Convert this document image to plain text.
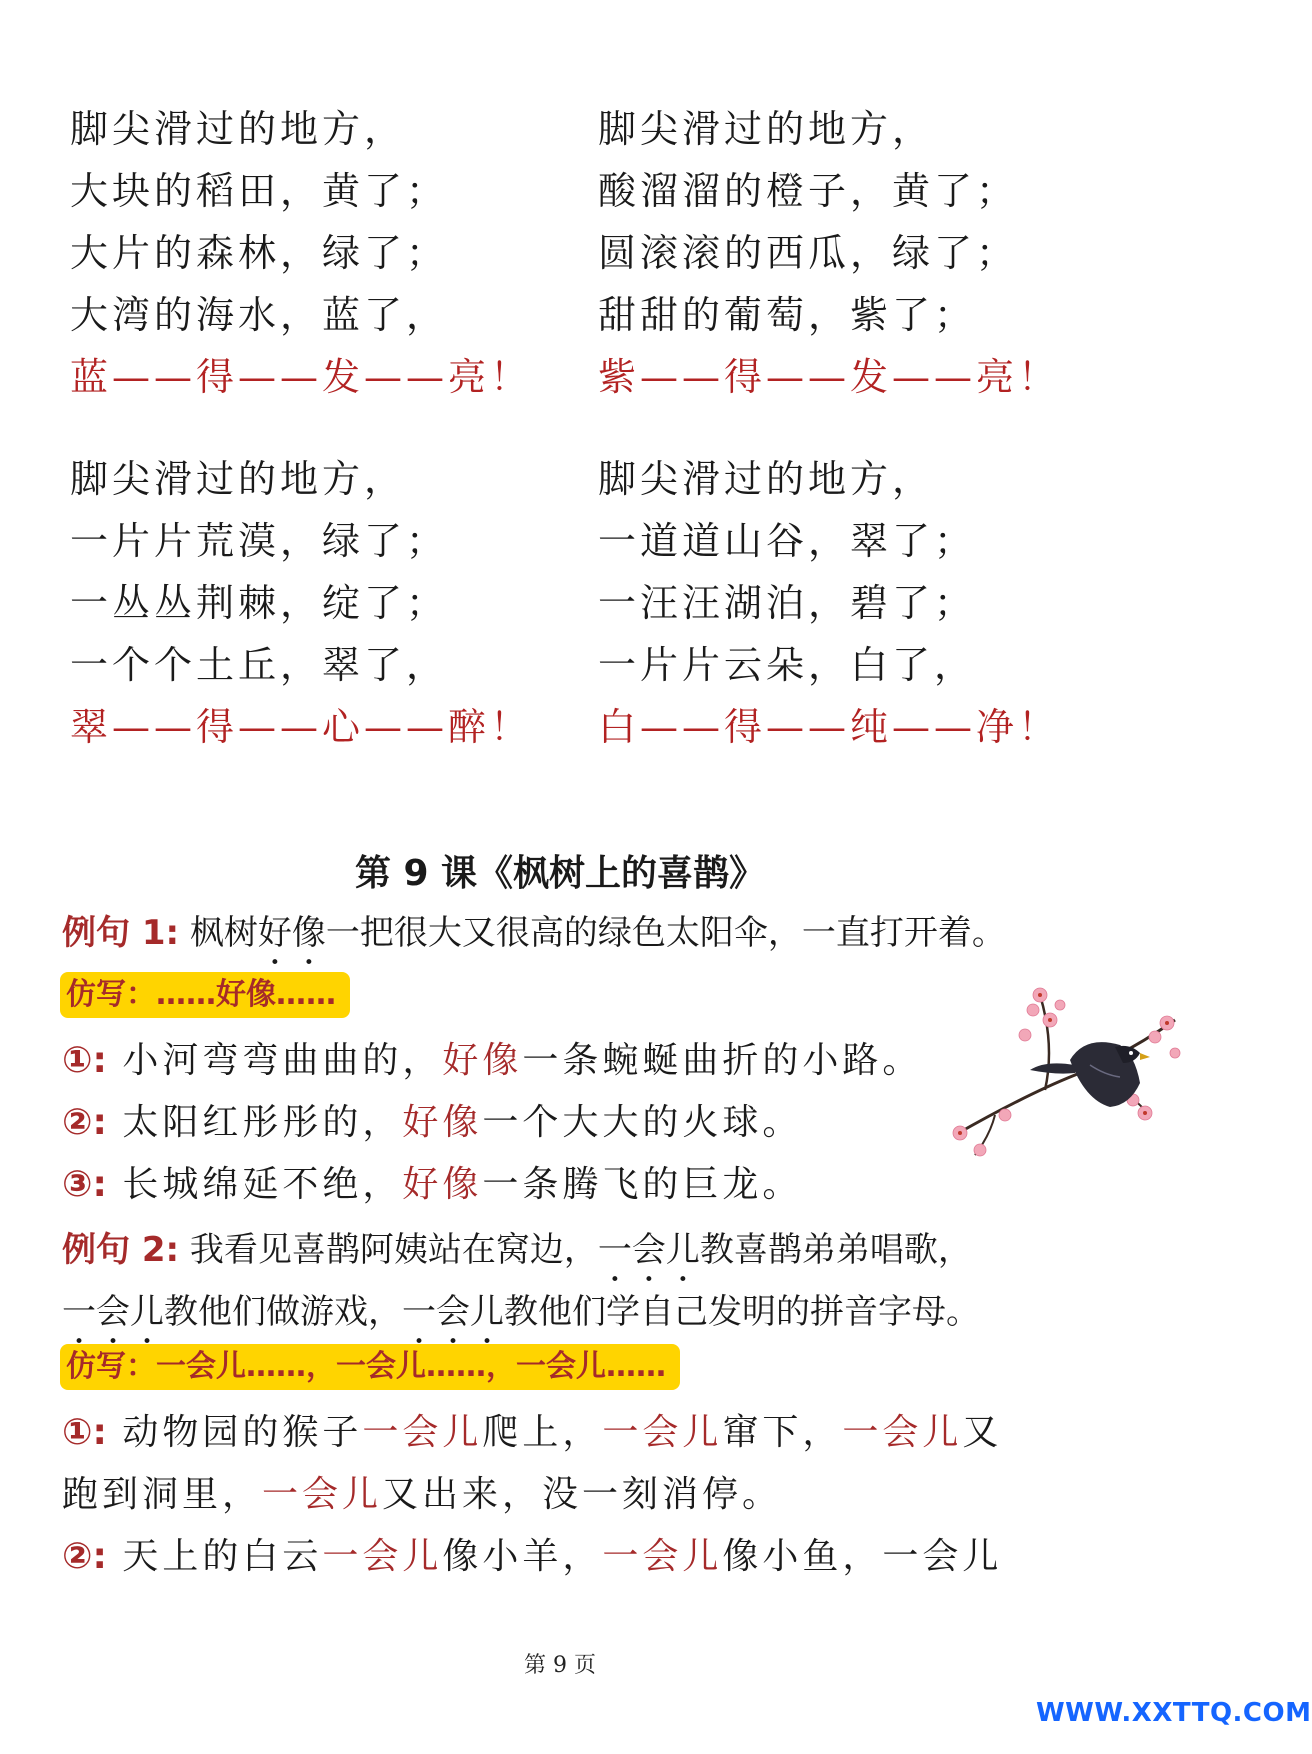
脚尖滑过的地方，
大块的稻田，黄了；
大片的森林，绿了；
大湾的海水，蓝了，
蓝——得——发——亮！
脚尖滑过的地方，
酸溜溜的橙子，黄了；
圆滚滚的西瓜，绿了；
甜甜的葡萄，紫了；
紫——得——发——亮！
脚尖滑过的地方，
一片片荒漠，绿了；
一丛丛荆棘，绽了；
一个个土丘，翠了，
翠——得——心——醉！
脚尖滑过的地方，
一道道山谷，翠了；
一汪汪湖泊，碧了；
一片片云朵，白了，
白——得——纯——净！
第 9 课《枫树上的喜鹊》
例句 1: 枫树好像一把很大又很高的绿色太阳伞，一直打开着。
仿写：……好像……
①: 小河弯弯曲曲的，好像一条蜿蜒曲折的小路。
②: 太阳红彤彤的，好像一个大大的火球。
③: 长城绵延不绝，好像一条腾飞的巨龙。
例句 2: 我看见喜鹊阿姨站在窝边，一会儿教喜鹊弟弟唱歌，
一会儿教他们做游戏，一会儿教他们学自己发明的拼音字母。
仿写：一会儿……，一会儿……，一会儿……
①: 动物园的猴子一会儿爬上，一会儿窜下，一会儿又
跑到洞里，一会儿又出来，没一刻消停。
②: 天上的白云一会儿像小羊，一会儿像小鱼，一会儿
第 9 页
WWW.XXTTQ.COM
